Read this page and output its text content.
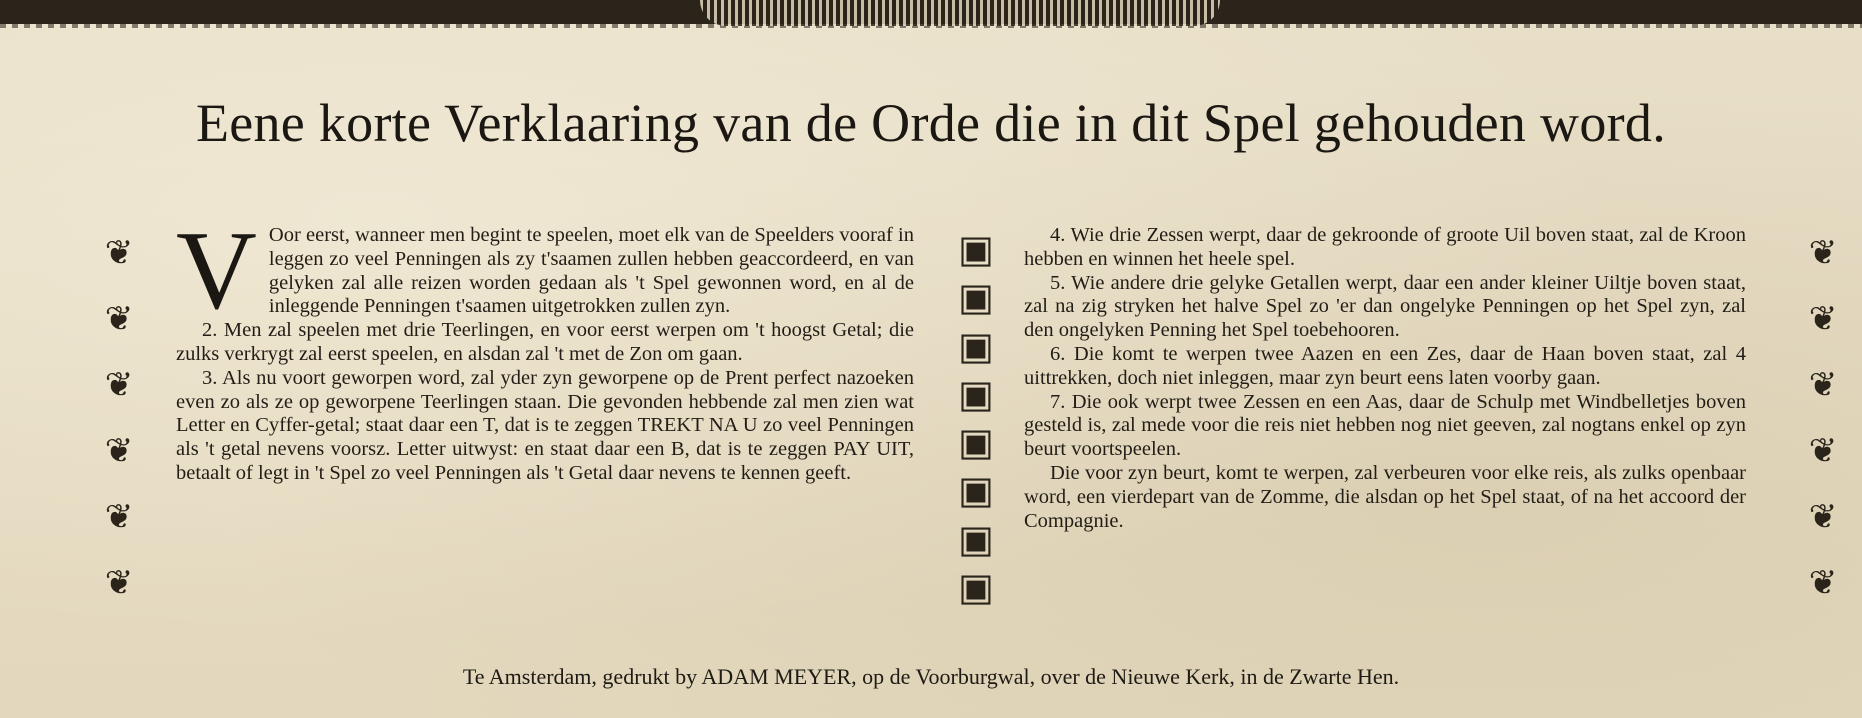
Eene korte Verklaaring van de Orde die in dit Spel gehouden word.
❦
❦
❦
❦
❦
❦

V Oor eerst, wanneer men begint te speelen, moet elk van de Speelders vooraf in leggen zo veel Penningen als zy t'saamen zullen hebben geaccordeerd, en van gelyken zal alle reizen worden gedaan als 't Spel gewonnen word, en al de inleggende Penningen t'saamen uitgetrokken zullen zyn.

2. Men zal speelen met drie Teerlingen, en voor eerst werpen om 't hoogst Getal; die zulks verkrygt zal eerst speelen, en alsdan zal 't met de Zon om gaan.

3. Als nu voort geworpen word, zal yder zyn geworpene op de Prent perfect nazoeken even zo als ze op geworpene Teerlingen staan. Die gevonden hebbende zal men zien wat Letter en Cyffer-getal; staat daar een T, dat is te zeggen TREKT NA U zo veel Penningen als 't getal nevens voorsz. Letter uitwyst: en staat daar een B, dat is te zeggen PAY UIT, betaalt of legt in 't Spel zo veel Penningen als 't Getal daar nevens te kennen geeft.

▣
▣
▣
▣
▣
▣
▣
▣

4. Wie drie Zessen werpt, daar de gekroonde of groote Uil boven staat, zal de Kroon hebben en winnen het heele spel.

5. Wie andere drie gelyke Getallen werpt, daar een ander kleiner Uiltje boven staat, zal na zig stryken het halve Spel zo 'er dan ongelyke Penningen op het Spel zyn, zal den ongelyken Penning het Spel toebehooren.

6. Die komt te werpen twee Aazen en een Zes, daar de Haan boven staat, zal 4 uittrekken, doch niet inleggen, maar zyn beurt eens laten voorby gaan.

7. Die ook werpt twee Zessen en een Aas, daar de Schulp met Windbelletjes boven gesteld is, zal mede voor die reis niet hebben nog niet geeven, zal nogtans enkel op zyn beurt voortspeelen.

Die voor zyn beurt, komt te werpen, zal verbeuren voor elke reis, als zulks openbaar word, een vierdepart van de Zomme, die alsdan op het Spel staat, of na het accoord der Compagnie.

❦
❦
❦
❦
❦
❦

Te Amsterdam, gedrukt by ADAM MEYER, op de Voorburgwal, over de Nieuwe Kerk, in de Zwarte Hen.
